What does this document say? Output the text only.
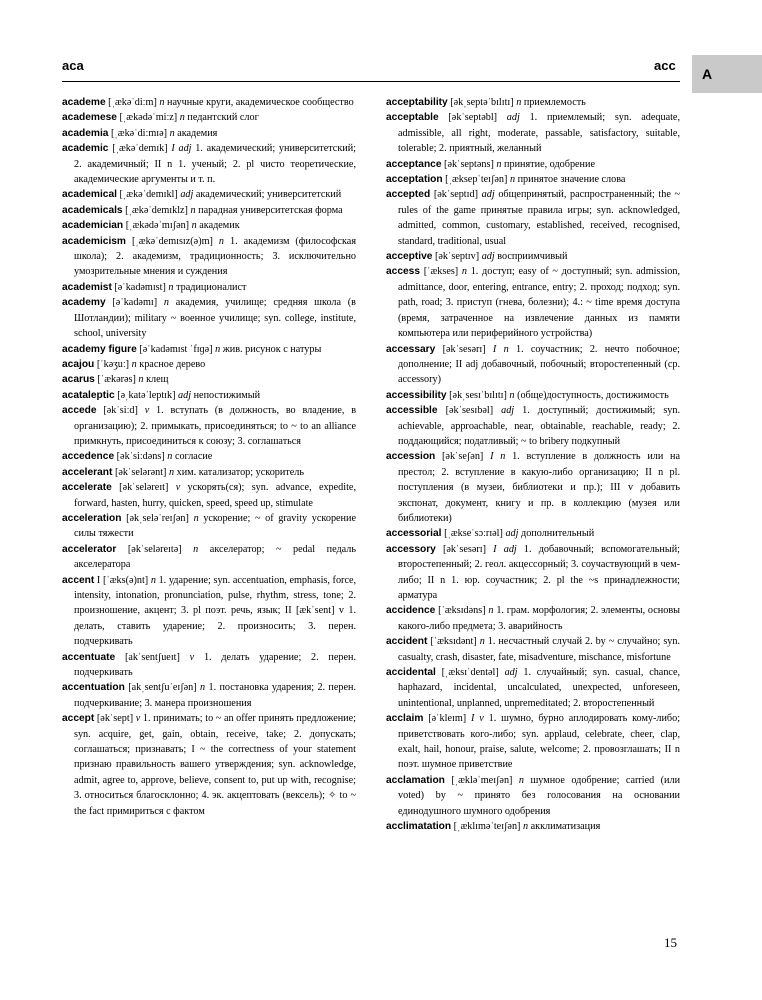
aca	acc
A

academe [ˌækəˈdiːm] n научные круги, академическое сообщество

academese [ˌækədəˈmiːz] n педантский слог

academia [ˌækəˈdiːmɪə] n академия

academic [ˌækəˈdemɪk] I adj 1. академический; университетский; 2. академичный; II n 1. ученый; 2. pl чисто теоретические, академические аргументы и т. п.

academical [ˌækəˈdemɪkl] adj академический; университетский

academicals [ˌækəˈdemɪklz] n парадная университетская форма

academician [ˌækədəˈmɪʃən] n академик

academicism [ˌækəˈdemɪsɪz(ə)m] n 1. академизм (философская школа); 2. академизм, традиционность; 3. исключительно умозрительные мнения и суждения

academist [əˈkadəmɪst] n традиционалист

academy [əˈkadəmɪ] n академия, училище; средняя школа (в Шотландии); military ~ военное училище; syn. college, institute, school, university

academy figure [əˈkadəmɪst ˈfɪɡə] n жив. рисунок с натуры

acajou [ˈkəʒuː] n красное дерево

acarus [ˈækərəs] n клещ

acataleptic [əˌkatəˈleptɪk] adj непостижимый

accede [əkˈsiːd] v 1. вступать (в должность, во владение, в организацию); 2. примыкать, присоединяться; to ~ to an alliance примкнуть, присоединиться к союзу; 3. соглашаться

accedence [əkˈsiːdəns] n согласие

accelerant [əkˈselərənt] n хим. катализатор; ускоритель

accelerate [əkˈseləreɪt] v ускорять(ся); syn. advance, expedite, forward, hasten, hurry, quicken, speed, speed up, stimulate

acceleration [əkˌseləˈreɪʃən] n ускорение; ~ of gravity ускорение силы тяжести

accelerator [əkˈseləreɪtə] n акселератор; ~ pedal педаль акселератора

accent I [ˈæks(ə)nt] n 1. ударение; syn. accentuation, emphasis, force, intensity, intonation, pronunciation, pulse, rhythm, stress, tone; 2. произношение, акцент; 3. pl поэт. речь, язык; II [ækˈsent] v 1. делать, ставить ударение; 2. произносить; 3. перен. подчеркивать

accentuate [akˈsentʃueɪt] v 1. делать ударение; 2. перен. подчеркивать

accentuation [akˌsentʃuˈeɪʃən] n 1. постановка ударения; 2. перен. подчеркивание; 3. манера произношения

accept [əkˈsept] v 1. принимать; to ~ an offer принять предложение; syn. acquire, get, gain, obtain, receive, take; 2. допускать; соглашаться; признавать; I ~ the correctness of your statement признаю правильность вашего утверждения; syn. acknowledge, admit, agree to, approve, believe, consent to, put up with, recognise; 3. относиться благосклонно; 4. эк. акцептовать (вексель); ✧ to ~ the fact примириться с фактом

acceptability [əkˌseptəˈbɪlɪtɪ] n приемлемость

acceptable [əkˈseptəbl] adj 1. приемлемый; syn. adequate, admissible, all right, moderate, passable, satisfactory, suitable, tolerable; 2. приятный, желанный

acceptance [əkˈseptəns] n принятие, одобрение

acceptation [ˌæksepˈteɪʃən] n принятое значение слова

accepted [əkˈseptɪd] adj общепринятый, распространенный; the ~ rules of the game принятые правила игры; syn. acknowledged, admitted, common, customary, established, received, recognised, standard, traditional, usual

acceptive [əkˈseptɪv] adj восприимчивый

access [ˈækses] n 1. доступ; easy of ~ доступный; syn. admission, admittance, door, entering, entrance, entry; 2. проход; подход; syn. path, road; 3. приступ (гнева, болезни); 4.: ~ time время доступа (время, затраченное на извлечение данных из памяти компьютера или периферийного устройства)

accessary [əkˈsesərɪ] I n 1. соучастник; 2. нечто побочное; дополнение; II adj добавочный, побочный; второстепенный (ср. accessory)

accessibility [əkˌsesɪˈbɪlɪtɪ] n (обще)доступность, достижимость

accessible [əkˈsesɪbəl] adj 1. доступный; достижимый; syn. achievable, approachable, near, obtainable, reachable, ready; 2. поддающийся; податливый; ~ to bribery подкупный

accession [əkˈseʃən] I n 1. вступление в должность или на престол; 2. вступление в какую-либо организацию; II n pl. поступления (в музеи, библиотеки и пр.); III v добавить экспонат, документ, книгу и пр. в коллекцию (музея или библиотеки)

accessorial [ˌæksеˈsɔːrɪəl] adj дополнительный

accessory [əkˈsesərɪ] I adj 1. добавочный; вспомогательный; второстепенный; 2. геол. акцессорный; 3. соучаствующий в чем-либо; II n 1. юр. соучастник; 2. pl the ~s принадлежности; арматура

accidence [ˈæksɪdəns] n 1. грам. морфология; 2. элементы, основы какого-либо предмета; 3. аварийность

accident [ˈæksɪdənt] n 1. несчастный случай 2. by ~ случайно; syn. casualty, crash, disaster, fate, misadventure, mischance, misfortune

accidental [ˌæksɪˈdentəl] adj 1. случайный; syn. casual, chance, haphazard, incidental, uncalculated, unexpected, unforeseen, unintentional, unplanned, unpremeditated; 2. второстепенный

acclaim [əˈkleɪm] I v 1. шумно, бурно аплодировать кому-либо; приветствовать кого-либо; syn. applaud, celebrate, cheer, clap, exalt, hail, honour, praise, salute, welcome; 2. провозглашать; II n поэт. шумное приветствие

acclamation [ˌækləˈmeɪʃən] n шумное одобрение; carried (или voted) by ~ принято без голосования на основании единодушного шумного одобрения

acclimatation [ˌæklɪməˈteɪʃən] n акклиматизация

15
